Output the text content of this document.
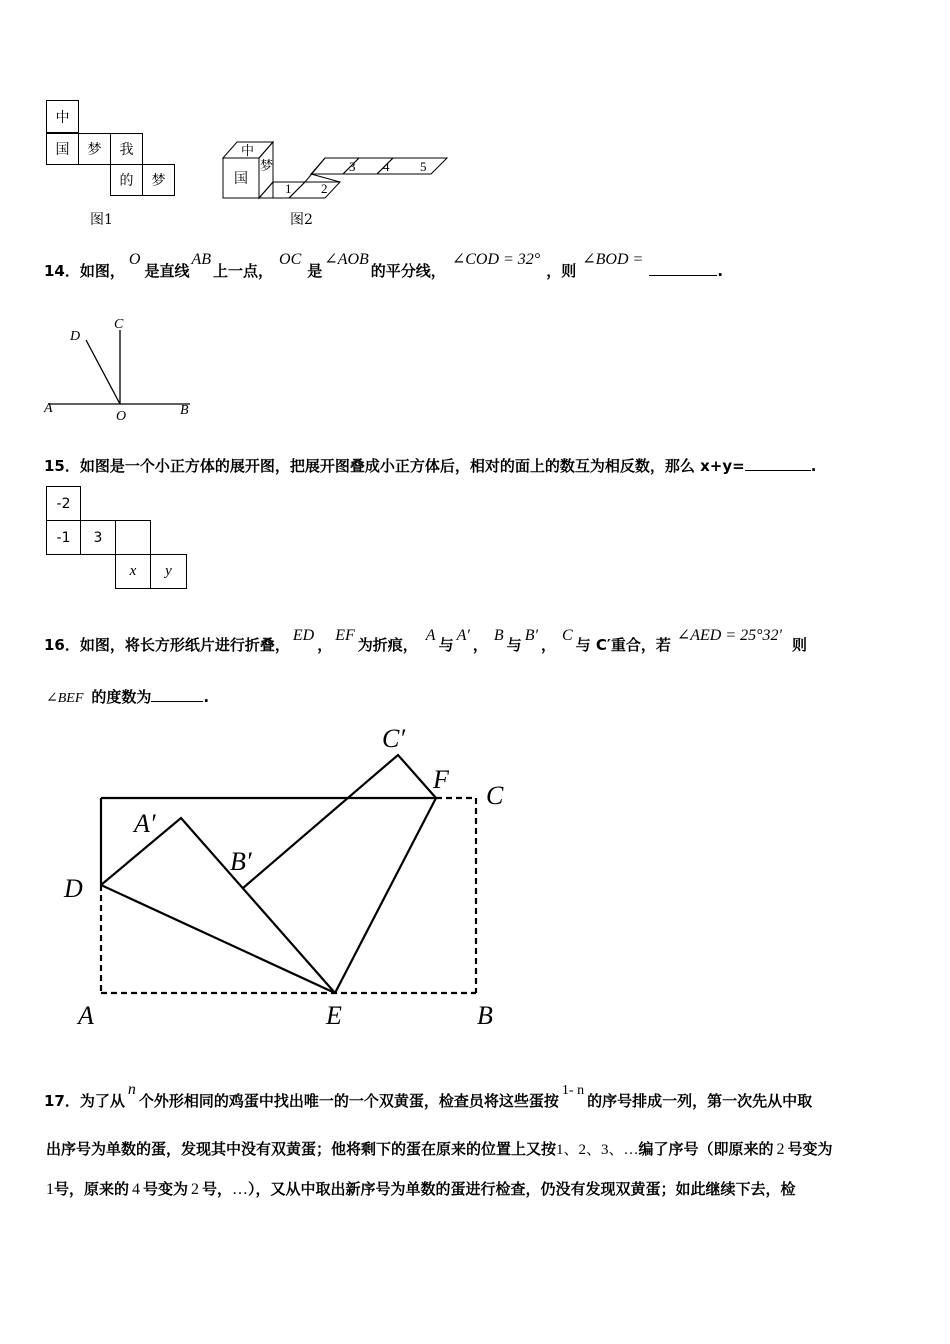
中
国	梦	我
的	梦
图1
中
国
梦
1 2
3 4 5
图2
14．如图，O是直线AB上一点，OC是∠AOB的平分线，∠COD = 32°，则∠BOD =.
D
C
A
O	B
15．如图是一个小正方体的展开图，把展开图叠成小正方体后，相对的面上的数互为相反数，那么 x+y=	.
-2
-1	3
x	y
16．如图，将长方形纸片进行折叠，ED，EF为折痕，A与A′，B与B′，C与 C′重合，若∠AED = 25°32′则
∠BEF 的度数为	.
C′
F
C
A′
B′
D
A	E	B
17．为了从n个外形相同的鸡蛋中找出唯一的一个双黄蛋，检查员将这些蛋按1- n的序号排成一列，第一次先从中取
出序号为单数的蛋，发现其中没有双黄蛋；他将剩下的蛋在原来的位置上又按1、2、3、…编了序号（即原来的 2 号变为
1号，原来的 4 号变为 2 号，…），又从中取出新序号为单数的蛋进行检查，仍没有发现双黄蛋；如此继续下去，检
